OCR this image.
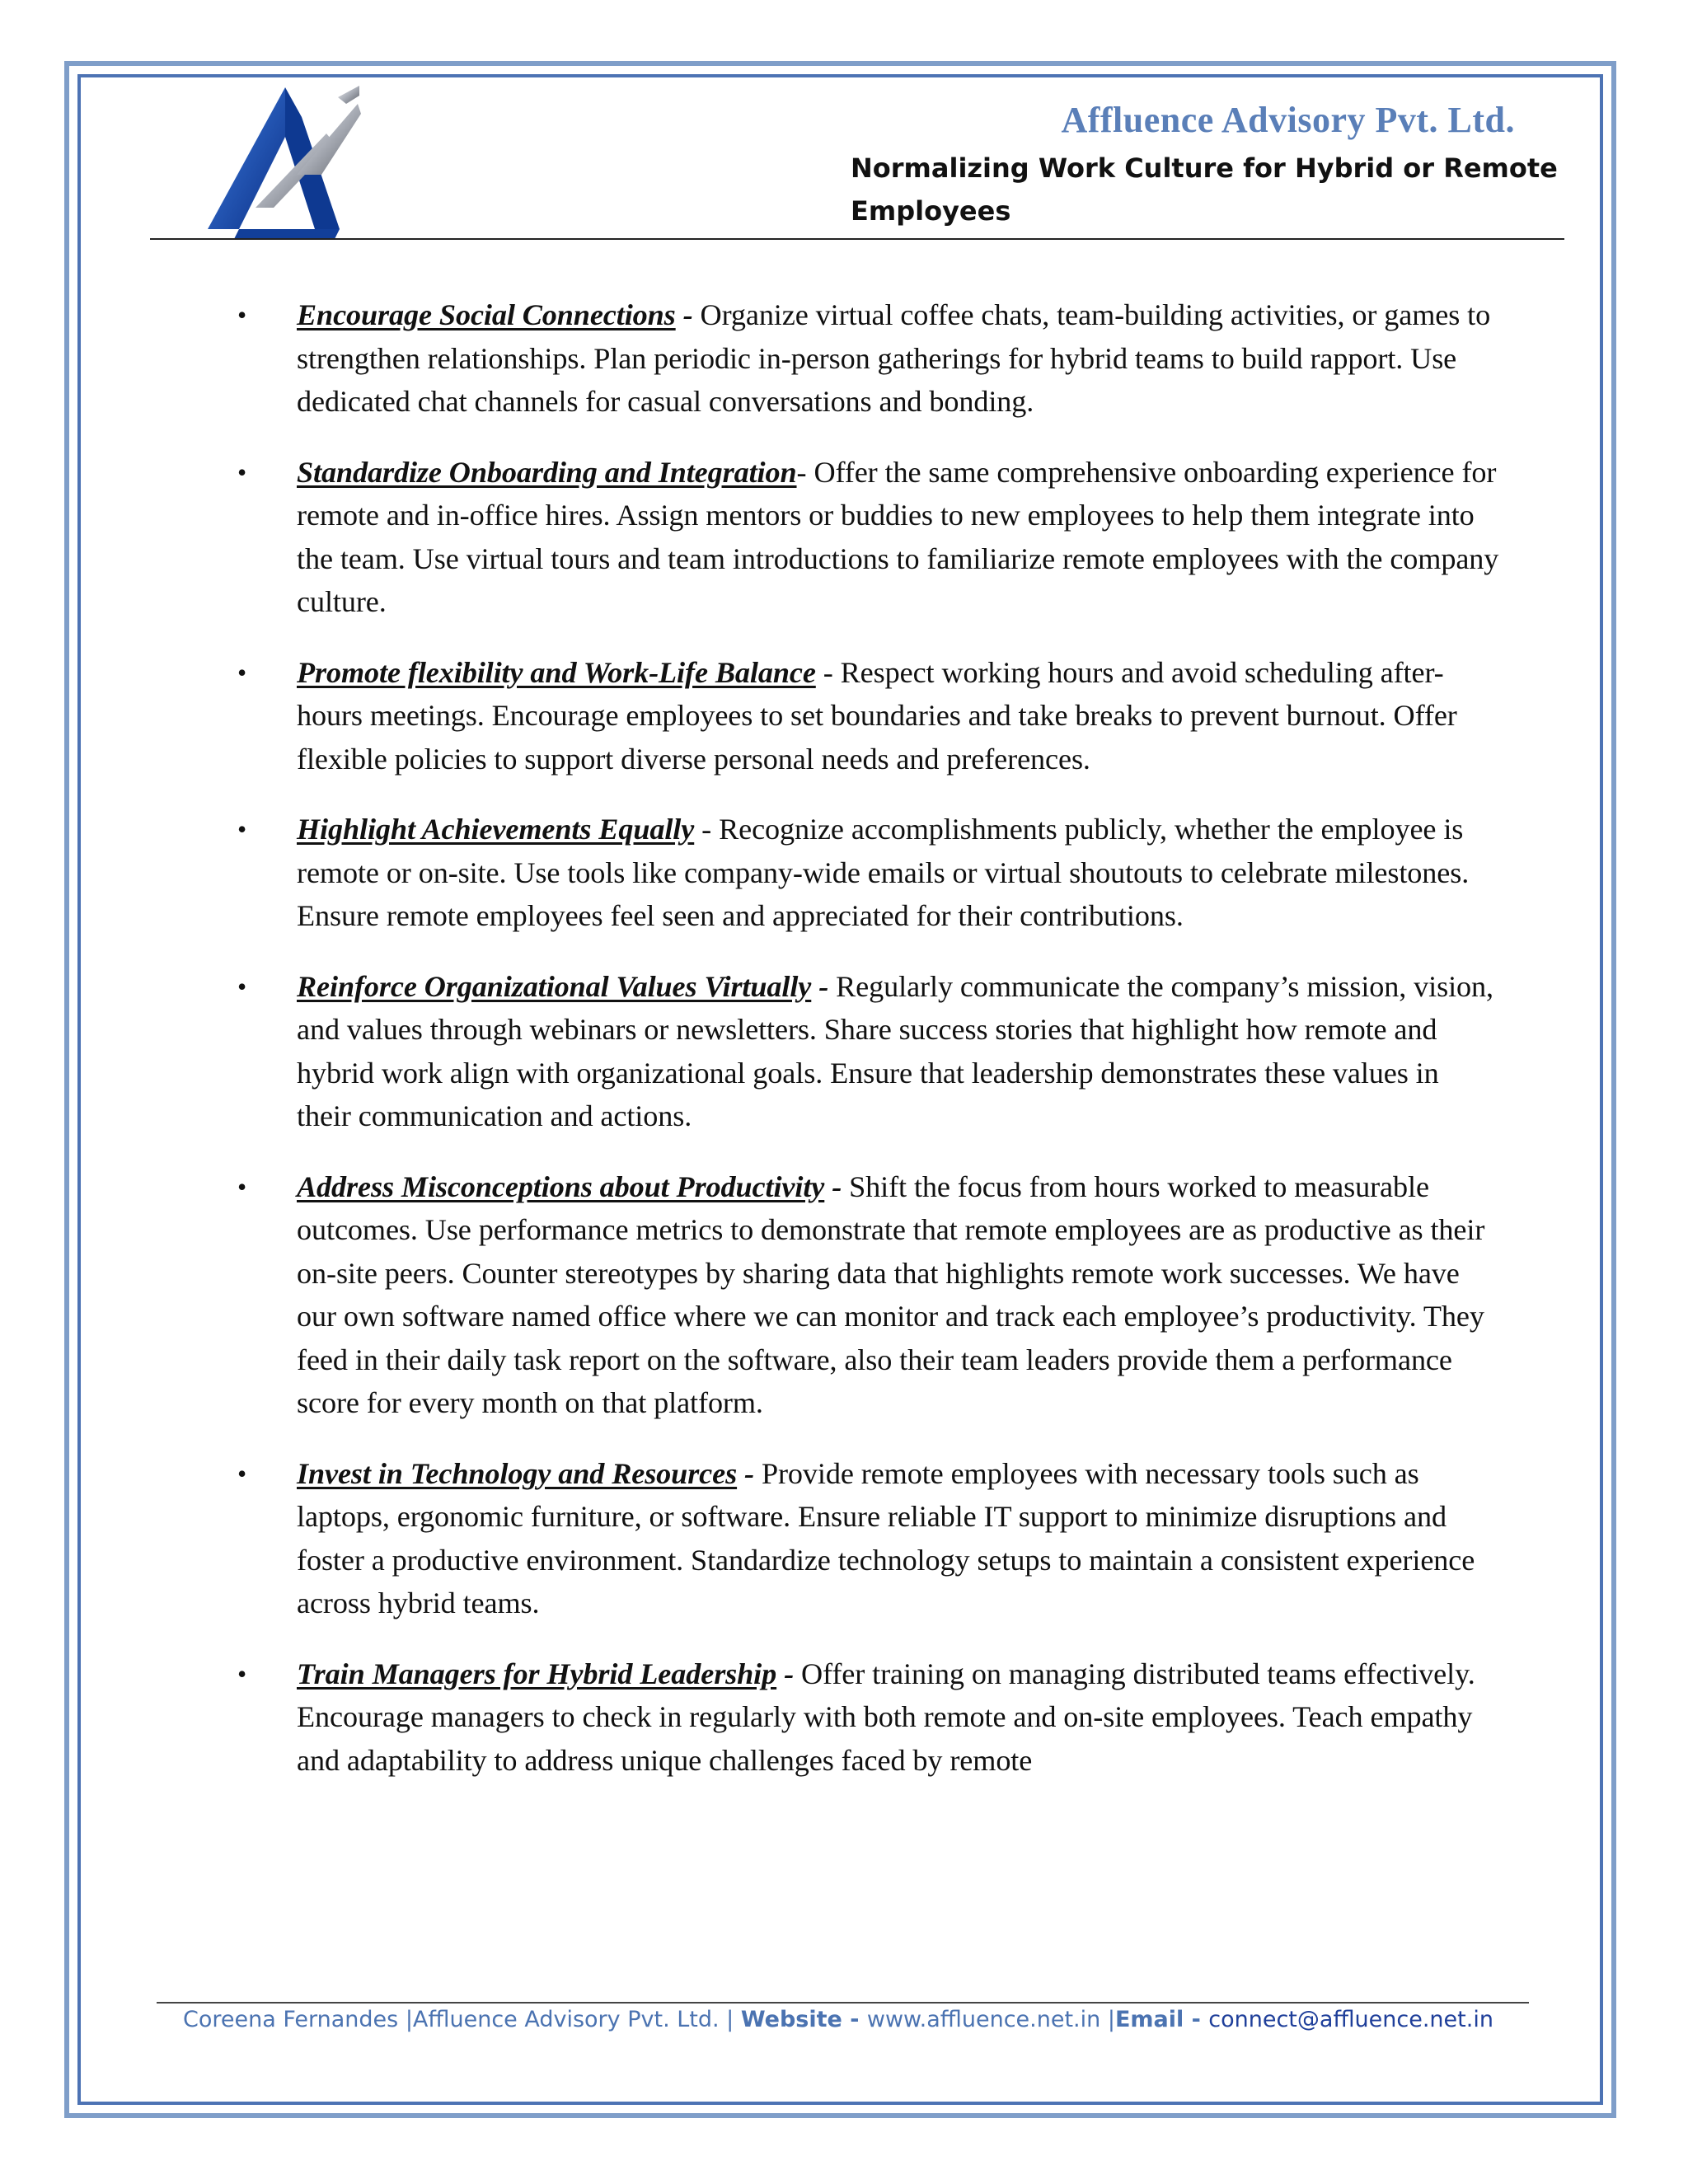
Affluence Advisory Pvt. Ltd.
Normalizing Work Culture for Hybrid or Remote Employees
• Encourage Social Connections - Organize virtual coffee chats, team-building activities, or games to strengthen relationships. Plan periodic in-person gatherings for hybrid teams to build rapport. Use dedicated chat channels for casual conversations and bonding.
• Standardize Onboarding and Integration- Offer the same comprehensive onboarding experience for remote and in-office hires. Assign mentors or buddies to new employees to help them integrate into the team. Use virtual tours and team introductions to familiarize remote employees with the company culture.
• Promote flexibility and Work-Life Balance - Respect working hours and avoid scheduling after-hours meetings. Encourage employees to set boundaries and take breaks to prevent burnout. Offer flexible policies to support diverse personal needs and preferences.
• Highlight Achievements Equally - Recognize accomplishments publicly, whether the employee is remote or on-site. Use tools like company-wide emails or virtual shoutouts to celebrate milestones. Ensure remote employees feel seen and appreciated for their contributions.
• Reinforce Organizational Values Virtually - Regularly communicate the company’s mission, vision, and values through webinars or newsletters. Share success stories that highlight how remote and hybrid work align with organizational goals. Ensure that leadership demonstrates these values in their communication and actions.
• Address Misconceptions about Productivity - Shift the focus from hours worked to measurable outcomes. Use performance metrics to demonstrate that remote employees are as productive as their on-site peers. Counter stereotypes by sharing data that highlights remote work successes. We have our own software named office where we can monitor and track each employee’s productivity. They feed in their daily task report on the software, also their team leaders provide them a performance score for every month on that platform.
• Invest in Technology and Resources - Provide remote employees with necessary tools such as laptops, ergonomic furniture, or software. Ensure reliable IT support to minimize disruptions and foster a productive environment. Standardize technology setups to maintain a consistent experience across hybrid teams.
• Train Managers for Hybrid Leadership - Offer training on managing distributed teams effectively. Encourage managers to check in regularly with both remote and on-site employees. Teach empathy and adaptability to address unique challenges faced by remote
Coreena Fernandes |Affluence Advisory Pvt. Ltd. | Website - www.affluence.net.in |Email - connect@affluence.net.in
